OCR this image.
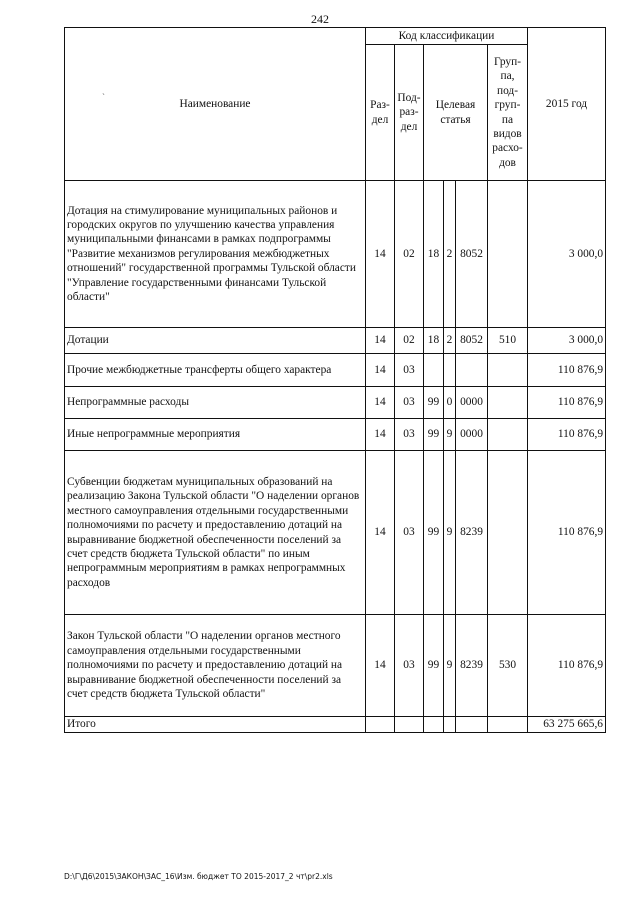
242
ˎ
Наименование	Код классификации						2015 год
	Раз- дел	Под- раз- дел	Целевая статья			Груп- па, под- груп- па видов расхо- дов	
Дотация на стимулирование муниципальных районов и городских округов по улучшению качества управления муниципальными финансами в рамках подпрограммы "Развитие механизмов регулирования межбюджетных отношений" государственной программы Тульской области "Управление государственными финансами Тульской области"	14	02	18	2	8052		3 000,0
Дотации	14	02	18	2	8052	510	3 000,0
Прочие межбюджетные трансферты общего характера	14	03					110 876,9
Непрограммные расходы	14	03	99	0	0000		110 876,9
Иные непрограммные мероприятия	14	03	99	9	0000		110 876,9
Субвенции бюджетам муниципальных образований на реализацию Закона Тульской области "О наделении органов местного самоуправления отдельными государственными полномочиями по расчету и предоставлению дотаций на выравнивание бюджетной обеспеченности поселений за счет средств бюджета Тульской области" по иным непрограммным мероприятиям в рамках непрограммных расходов	14	03	99	9	8239		110 876,9
Закон Тульской области "О наделении органов местного самоуправления отдельными государственными полномочиями по расчету и предоставлению дотаций на выравнивание бюджетной обеспеченности поселений за счет средств бюджета Тульской области"	14	03	99	9	8239	530	110 876,9
Итого							63 275 665,6
D:\Г\Д6\2015\ЗАКОН\ЗАС_16\Изм. бюджет ТО 2015-2017_2 чт\pr2.xls
